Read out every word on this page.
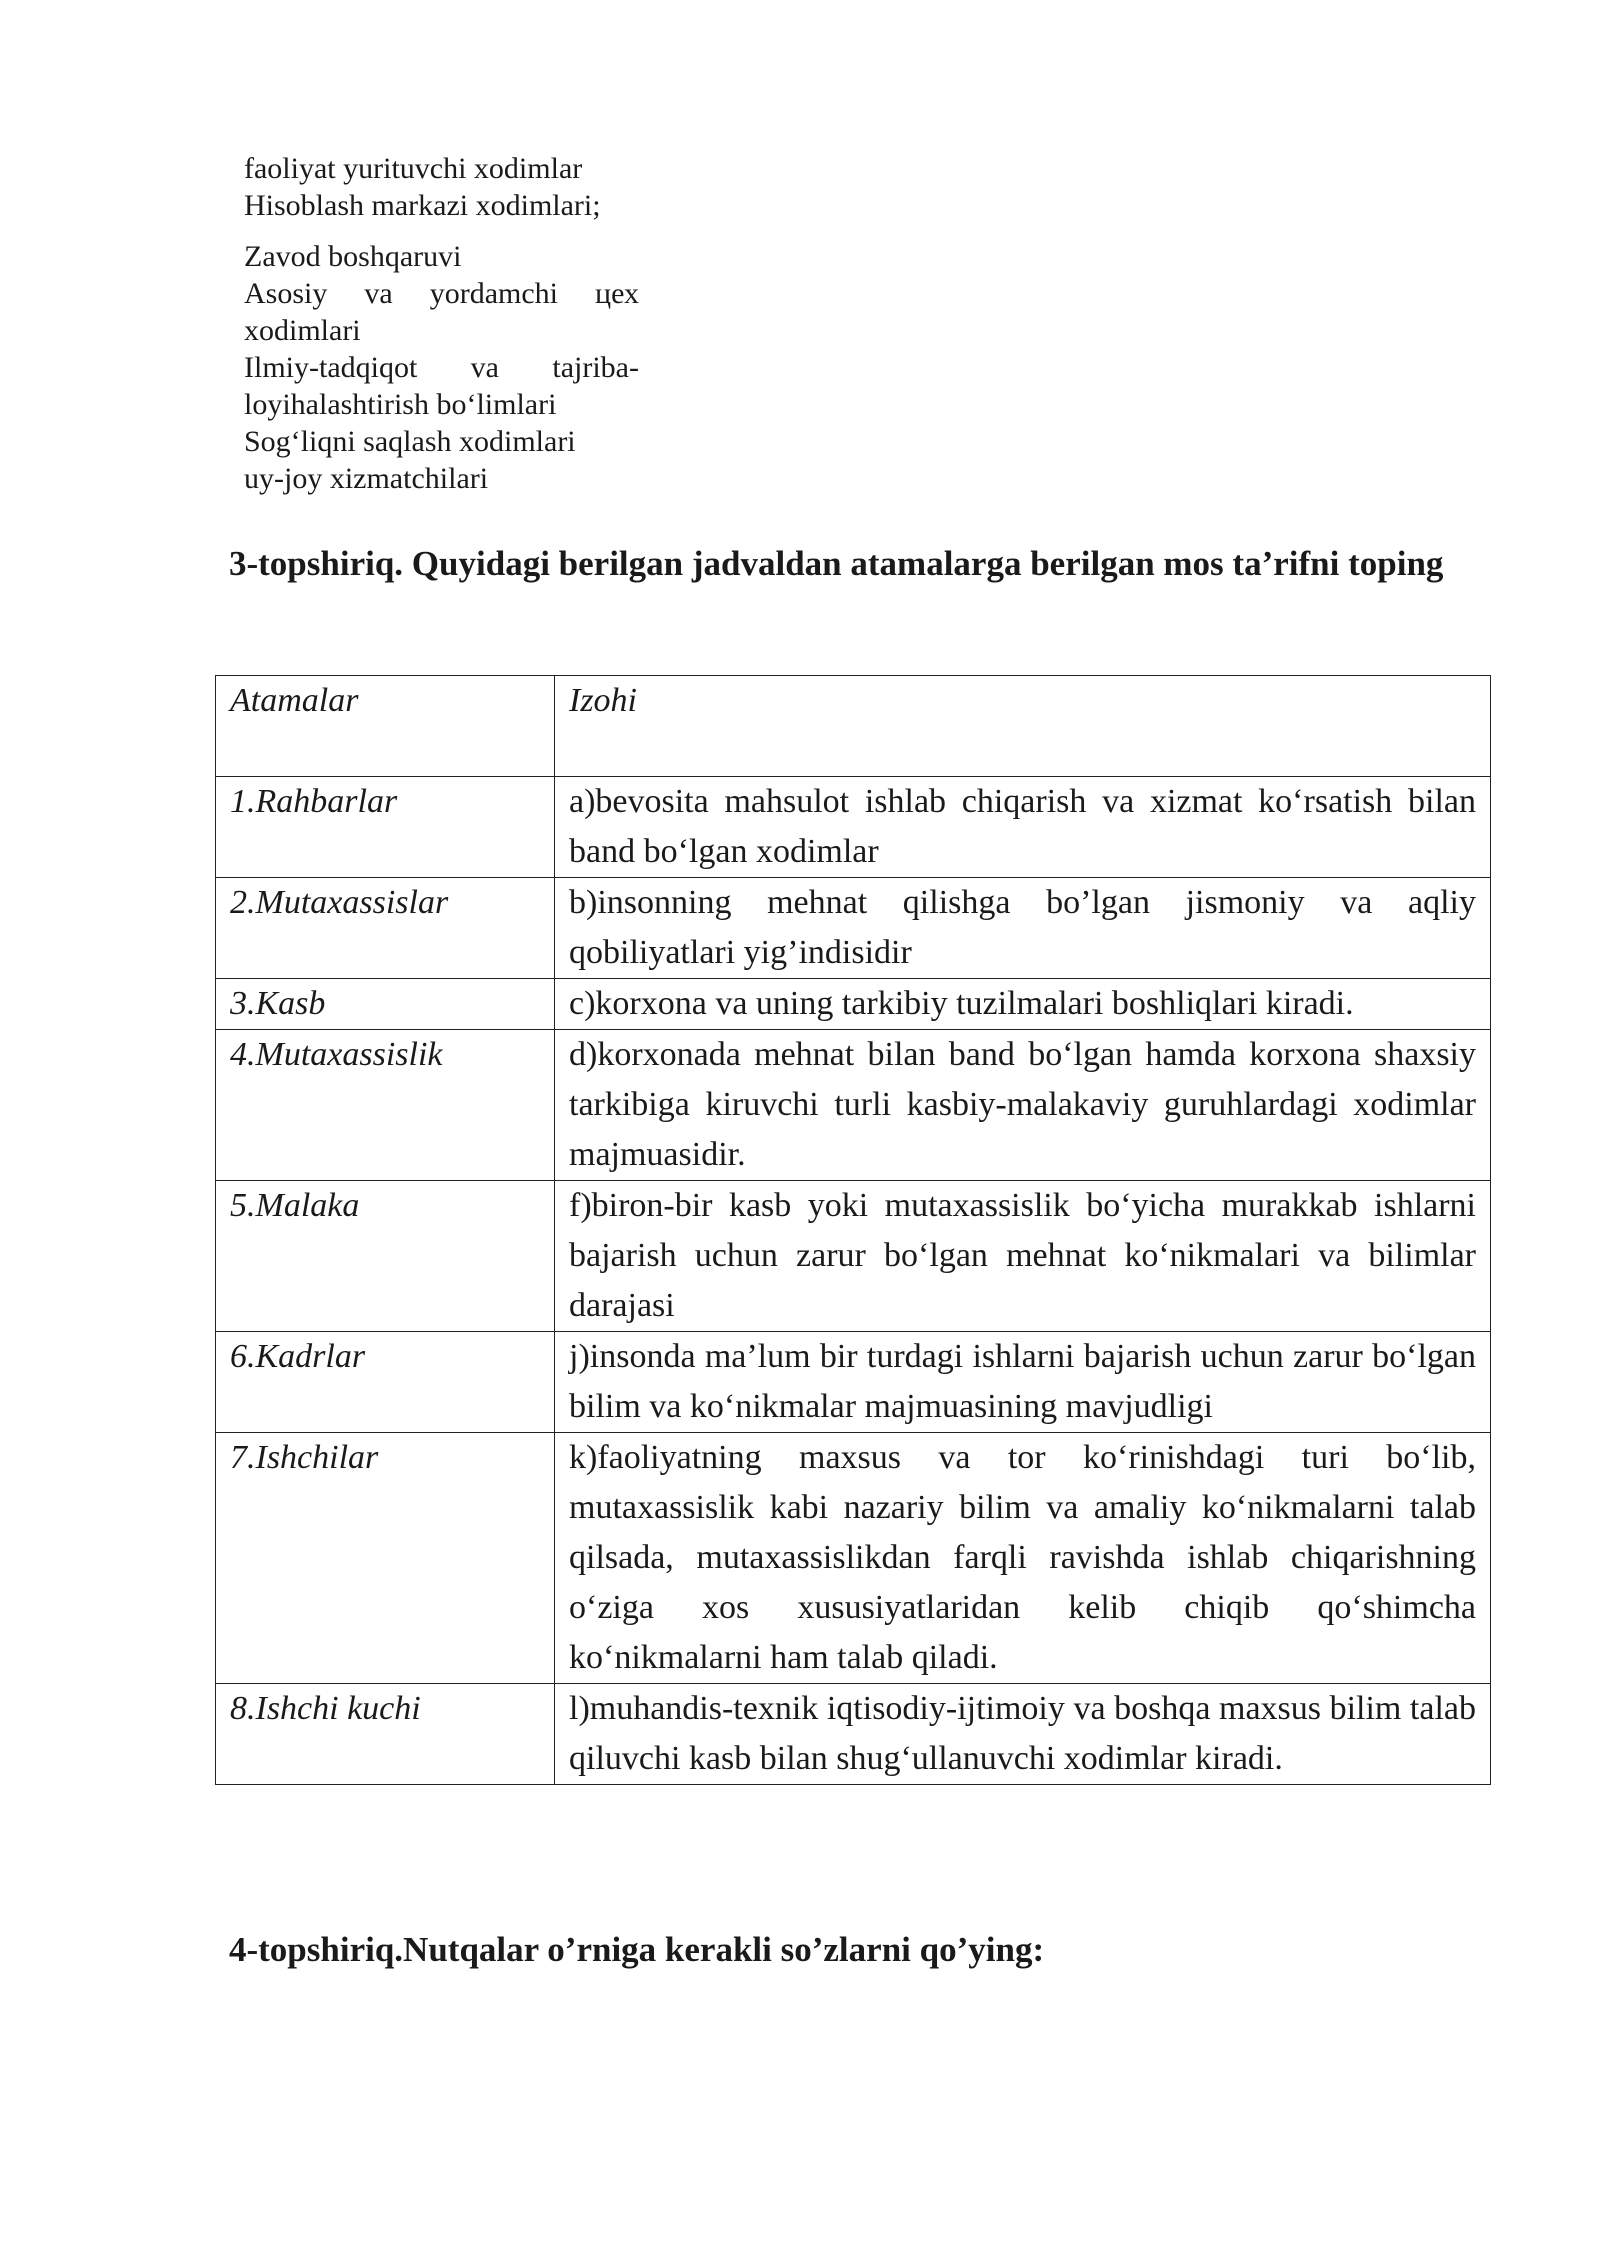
faoliyat yurituvchi xodimlar
Hisoblash markazi xodimlari;
Zavod boshqaruvi
Asosiy va yordamchi цех
xodimlari
Ilmiy-tadqiqot va tajriba-
loyihalashtirish bo‘limlari
Sog‘liqni saqlash xodimlari
uy-joy xizmatchilari
3-topshiriq. Quyidagi berilgan jadvaldan atamalarga berilgan mos ta’rifni toping
Atamalar	Izohi
1.Rahbarlar	a)bevosita mahsulot ishlab chiqarish va xizmat ko‘rsatish bilan band bo‘lgan xodimlar
2.Mutaxassislar	b)insonning mehnat qilishga bo’lgan jismoniy va aqliy qobiliyatlari yig’indisidir
3.Kasb	c)korxona va uning tarkibiy tuzilmalari boshliqlari kiradi.
4.Mutaxassislik	d)korxonada mehnat bilan band bo‘lgan hamda korxona shaxsiy tarkibiga kiruvchi turli kasbiy-malakaviy guruhlardagi xodimlar majmuasidir.
5.Malaka	f)biron-bir kasb yoki mutaxassislik bo‘yicha murakkab ishlarni bajarish uchun zarur bo‘lgan mehnat ko‘nikmalari va bilimlar darajasi
6.Kadrlar	j)insonda ma’lum bir turdagi ishlarni bajarish uchun zarur bo‘lgan bilim va ko‘nikmalar majmuasining mavjudligi
7.Ishchilar	k)faoliyatning maxsus va tor ko‘rinishdagi turi bo‘lib, mutaxassislik kabi nazariy bilim va amaliy ko‘nikmalarni talab qilsada, mutaxassislikdan farqli ravishda ishlab chiqarishning o‘ziga xos xususiyatlaridan kelib chiqib qo‘shimcha ko‘nikmalarni ham talab qiladi.
8.Ishchi kuchi	l)muhandis-texnik iqtisodiy-ijtimoiy va boshqa maxsus bilim talab qiluvchi kasb bilan shug‘ullanuvchi xodimlar kiradi.
4-topshiriq.Nutqalar o’rniga kerakli so’zlarni qo’ying:
